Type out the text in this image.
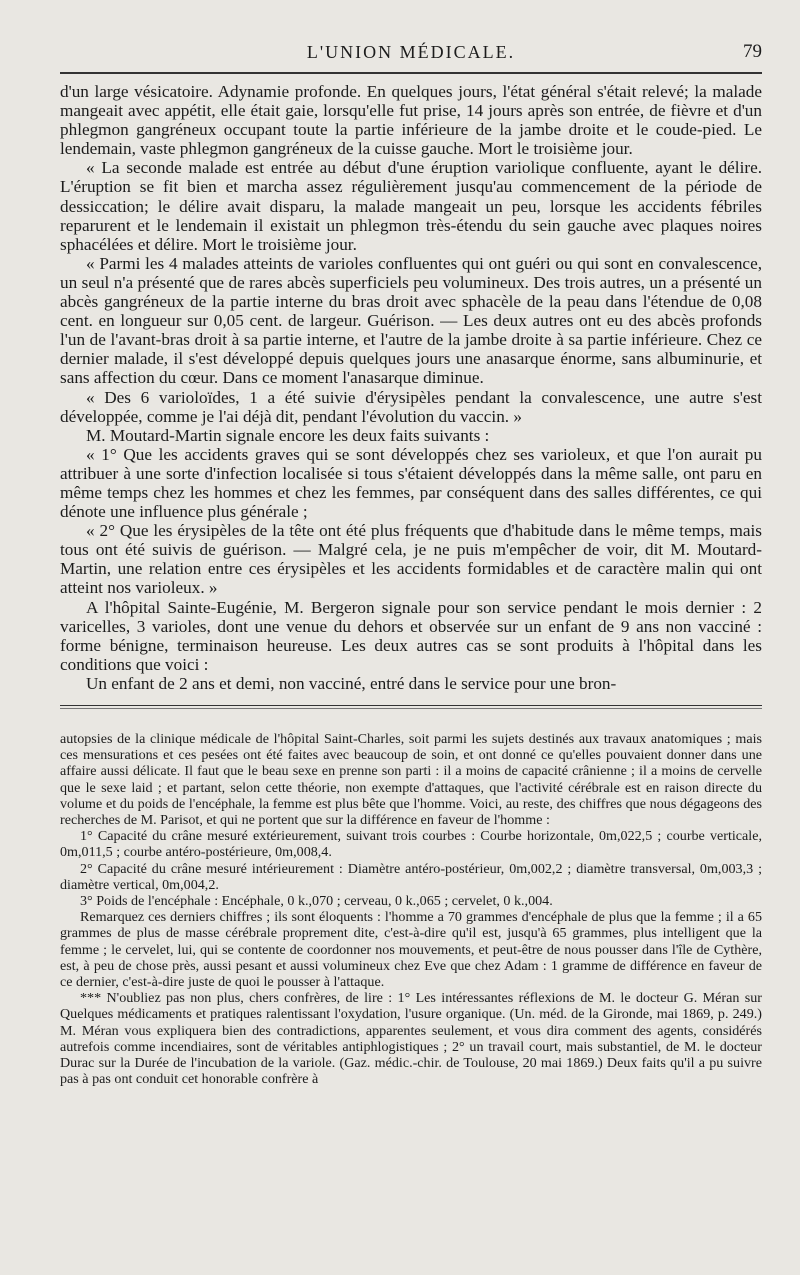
L'UNION MÉDICALE.	79

d'un large vésicatoire. Adynamie profonde. En quelques jours, l'état général s'était relevé; la malade mangeait avec appétit, elle était gaie, lorsqu'elle fut prise, 14 jours après son entrée, de fièvre et d'un phlegmon gangréneux occupant toute la partie inférieure de la jambe droite et le coude-pied. Le lendemain, vaste phlegmon gangréneux de la cuisse gauche. Mort le troisième jour.

« La seconde malade est entrée au début d'une éruption variolique confluente, ayant le délire. L'éruption se fit bien et marcha assez régulièrement jusqu'au commencement de la période de dessiccation; le délire avait disparu, la malade mangeait un peu, lorsque les accidents fébriles reparurent et le lendemain il existait un phlegmon très-étendu du sein gauche avec plaques noires sphacélées et délire. Mort le troisième jour.

« Parmi les 4 malades atteints de varioles confluentes qui ont guéri ou qui sont en convalescence, un seul n'a présenté que de rares abcès superficiels peu volumineux. Des trois autres, un a présenté un abcès gangréneux de la partie interne du bras droit avec sphacèle de la peau dans l'étendue de 0,08 cent. en longueur sur 0,05 cent. de largeur. Guérison. — Les deux autres ont eu des abcès profonds l'un de l'avant-bras droit à sa partie interne, et l'autre de la jambe droite à sa partie inférieure. Chez ce dernier malade, il s'est développé depuis quelques jours une anasarque énorme, sans albuminurie, et sans affection du cœur. Dans ce moment l'anasarque diminue.

« Des 6 varioloïdes, 1 a été suivie d'érysipèles pendant la convalescence, une autre s'est développée, comme je l'ai déjà dit, pendant l'évolution du vaccin. »

M. Moutard-Martin signale encore les deux faits suivants :

« 1° Que les accidents graves qui se sont développés chez ses varioleux, et que l'on aurait pu attribuer à une sorte d'infection localisée si tous s'étaient développés dans la même salle, ont paru en même temps chez les hommes et chez les femmes, par conséquent dans des salles différentes, ce qui dénote une influence plus générale ;

« 2° Que les érysipèles de la tête ont été plus fréquents que d'habitude dans le même temps, mais tous ont été suivis de guérison. — Malgré cela, je ne puis m'empêcher de voir, dit M. Moutard-Martin, une relation entre ces érysipèles et les accidents formidables et de caractère malin qui ont atteint nos varioleux. »

A l'hôpital Sainte-Eugénie, M. Bergeron signale pour son service pendant le mois dernier : 2 varicelles, 3 varioles, dont une venue du dehors et observée sur un enfant de 9 ans non vacciné : forme bénigne, terminaison heureuse. Les deux autres cas se sont produits à l'hôpital dans les conditions que voici :

Un enfant de 2 ans et demi, non vacciné, entré dans le service pour une bron-

autopsies de la clinique médicale de l'hôpital Saint-Charles, soit parmi les sujets destinés aux travaux anatomiques ; mais ces mensurations et ces pesées ont été faites avec beaucoup de soin, et ont donné ce qu'elles pouvaient donner dans une affaire aussi délicate. Il faut que le beau sexe en prenne son parti : il a moins de capacité crânienne ; il a moins de cervelle que le sexe laid ; et partant, selon cette théorie, non exempte d'attaques, que l'activité cérébrale est en raison directe du volume et du poids de l'encéphale, la femme est plus bête que l'homme. Voici, au reste, des chiffres que nous dégageons des recherches de M. Parisot, et qui ne portent que sur la différence en faveur de l'homme :

1° Capacité du crâne mesuré extérieurement, suivant trois courbes : Courbe horizontale, 0m,022,5 ; courbe verticale, 0m,011,5 ; courbe antéro-postérieure, 0m,008,4.

2° Capacité du crâne mesuré intérieurement : Diamètre antéro-postérieur, 0m,002,2 ; diamètre transversal, 0m,003,3 ; diamètre vertical, 0m,004,2.

3° Poids de l'encéphale : Encéphale, 0 k.,070 ; cerveau, 0 k.,065 ; cervelet, 0 k.,004.

Remarquez ces derniers chiffres ; ils sont éloquents : l'homme a 70 grammes d'encéphale de plus que la femme ; il a 65 grammes de plus de masse cérébrale proprement dite, c'est-à-dire qu'il est, jusqu'à 65 grammes, plus intelligent que la femme ; le cervelet, lui, qui se contente de coordonner nos mouvements, et peut-être de nous pousser dans l'île de Cythère, est, à peu de chose près, aussi pesant et aussi volumineux chez Eve que chez Adam : 1 gramme de différence en faveur de ce dernier, c'est-à-dire juste de quoi le pousser à l'attaque.

*** N'oubliez pas non plus, chers confrères, de lire : 1° Les intéressantes réflexions de M. le docteur G. Méran sur Quelques médicaments et pratiques ralentissant l'oxydation, l'usure organique. (Un. méd. de la Gironde, mai 1869, p. 249.) M. Méran vous expliquera bien des contradictions, apparentes seulement, et vous dira comment des agents, considérés autrefois comme incendiaires, sont de véritables antiphlogistiques ; 2° un travail court, mais substantiel, de M. le docteur Durac sur la Durée de l'incubation de la variole. (Gaz. médic.-chir. de Toulouse, 20 mai 1869.) Deux faits qu'il a pu suivre pas à pas ont conduit cet honorable confrère à
